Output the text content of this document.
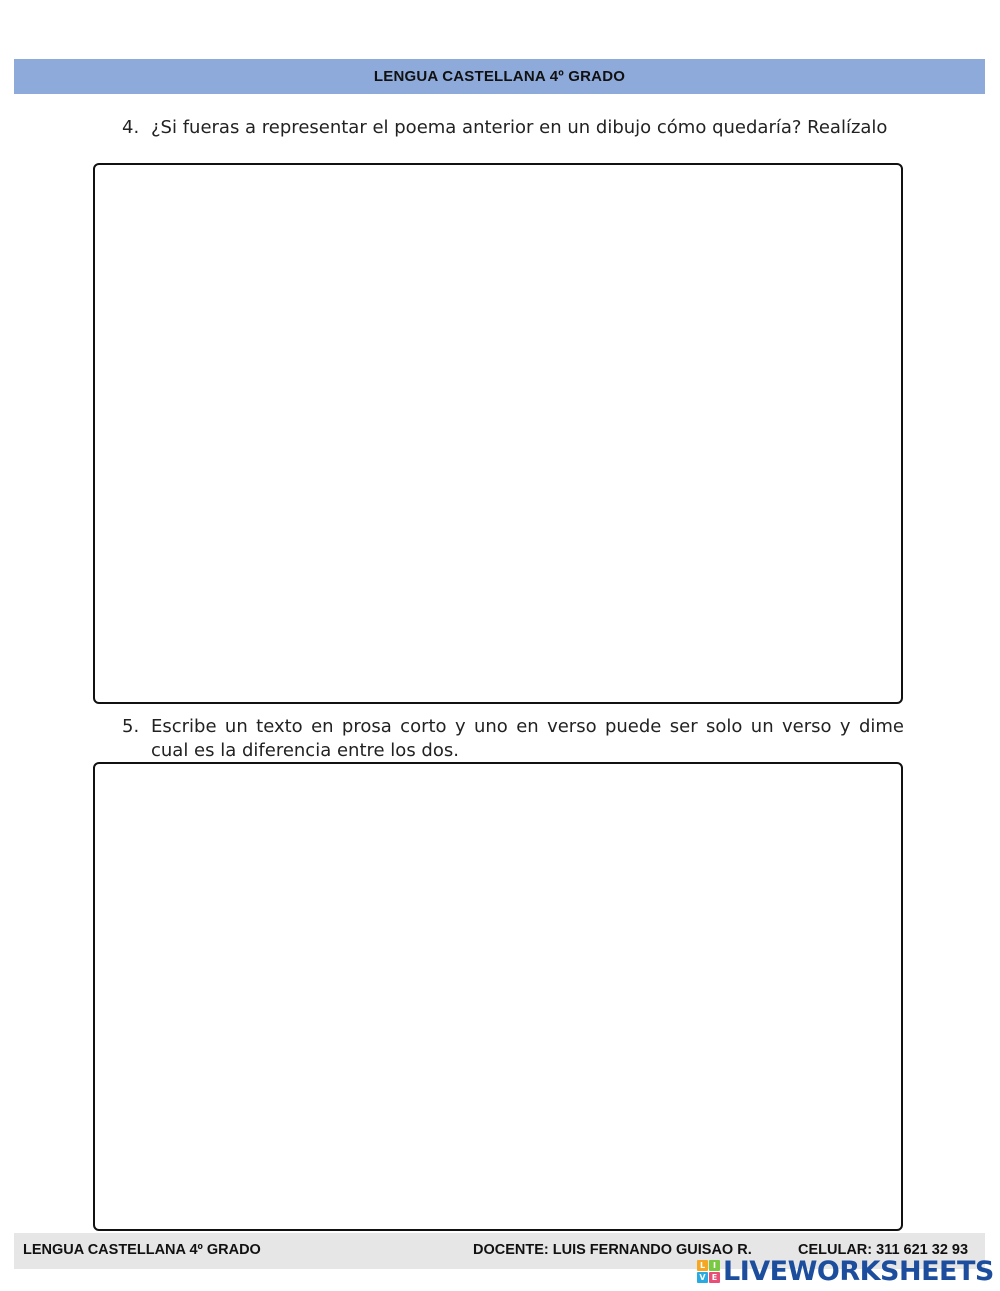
LENGUA CASTELLANA 4º GRADO
4. ¿Si fueras a representar el poema anterior en un dibujo cómo quedaría? Realízalo
5. Escribe un texto en prosa corto y uno en verso puede ser solo un verso y dime cual es la diferencia entre los dos.
LENGUA CASTELLANA 4º GRADO	DOCENTE: LUIS FERNANDO GUISAO R.	CELULAR: 311 621 32 93
L I
V E LIVEWORKSHEETS
